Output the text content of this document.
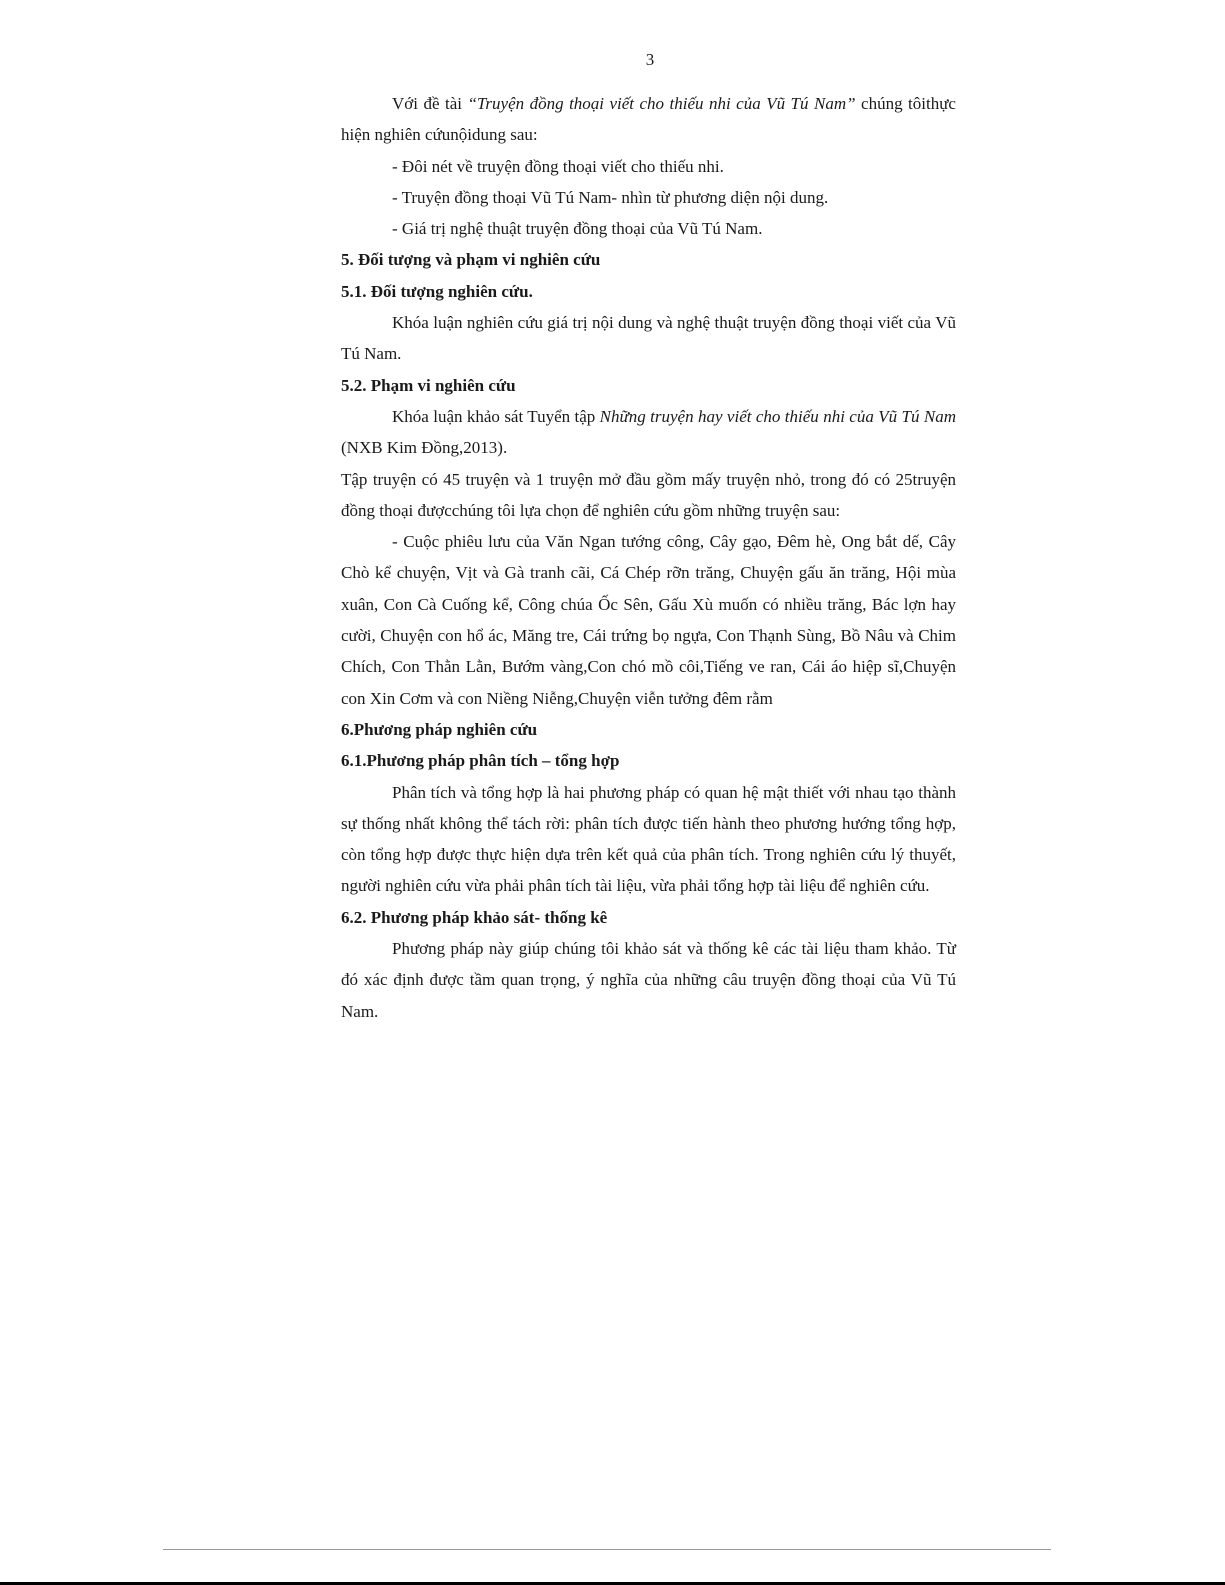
3

Với đề tài “Truyện đồng thoại viết cho thiếu nhi của Vũ Tú Nam” chúng tôithực hiện nghiên cứunộidung sau:

- Đôi nét về truyện đồng thoại viết cho thiếu nhi.

- Truyện đồng thoại Vũ Tú Nam- nhìn từ phương diện nội dung.

- Giá trị nghệ thuật truyện đồng thoại của Vũ Tú Nam.

5. Đối tượng và phạm vi nghiên cứu

5.1. Đối tượng nghiên cứu.

Khóa luận nghiên cứu giá trị nội dung và nghệ thuật truyện đồng thoại viết của Vũ Tú Nam.

5.2. Phạm vi nghiên cứu

Khóa luận khảo sát Tuyển tập Những truyện hay viết cho thiếu nhi của Vũ Tú Nam (NXB Kim Đồng,2013).

Tập truyện có 45 truyện và 1 truyện mở đầu gồm mấy truyện nhỏ, trong đó có 25truyện đồng thoại đượcchúng tôi lựa chọn để nghiên cứu gồm những truyện sau:

- Cuộc phiêu lưu của Văn Ngan tướng công, Cây gạo, Đêm hè, Ong bắt dế, Cây Chò kể chuyện, Vịt và Gà tranh cãi, Cá Chép rỡn trăng, Chuyện gấu ăn trăng, Hội mùa xuân, Con Cà Cuống kể, Công chúa Ốc Sên, Gấu Xù muốn có nhiều trăng, Bác lợn hay cười, Chuyện con hổ ác, Măng tre, Cái trứng bọ ngựa, Con Thạnh Sùng, Bồ Nâu và Chim Chích, Con Thằn Lằn, Bướm vàng,Con chó mồ côi,Tiếng ve ran, Cái áo hiệp sĩ,Chuyện con Xin Cơm và con Niềng Niễng,Chuyện viễn tưởng đêm rằm

6.Phương pháp nghiên cứu

6.1.Phương pháp phân tích – tổng hợp

Phân tích và tổng hợp là hai phương pháp có quan hệ mật thiết với nhau tạo thành sự thống nhất không thể tách rời: phân tích được tiến hành theo phương hướng tổng hợp, còn tổng hợp được thực hiện dựa trên kết quả của phân tích. Trong nghiên cứu lý thuyết, người nghiên cứu vừa phải phân tích tài liệu, vừa phải tổng hợp tài liệu để nghiên cứu.

6.2. Phương pháp khảo sát- thống kê

Phương pháp này giúp chúng tôi khảo sát và thống kê các tài liệu tham khảo. Từ đó xác định được tầm quan trọng, ý nghĩa của những câu truyện đồng thoại của Vũ Tú Nam.
